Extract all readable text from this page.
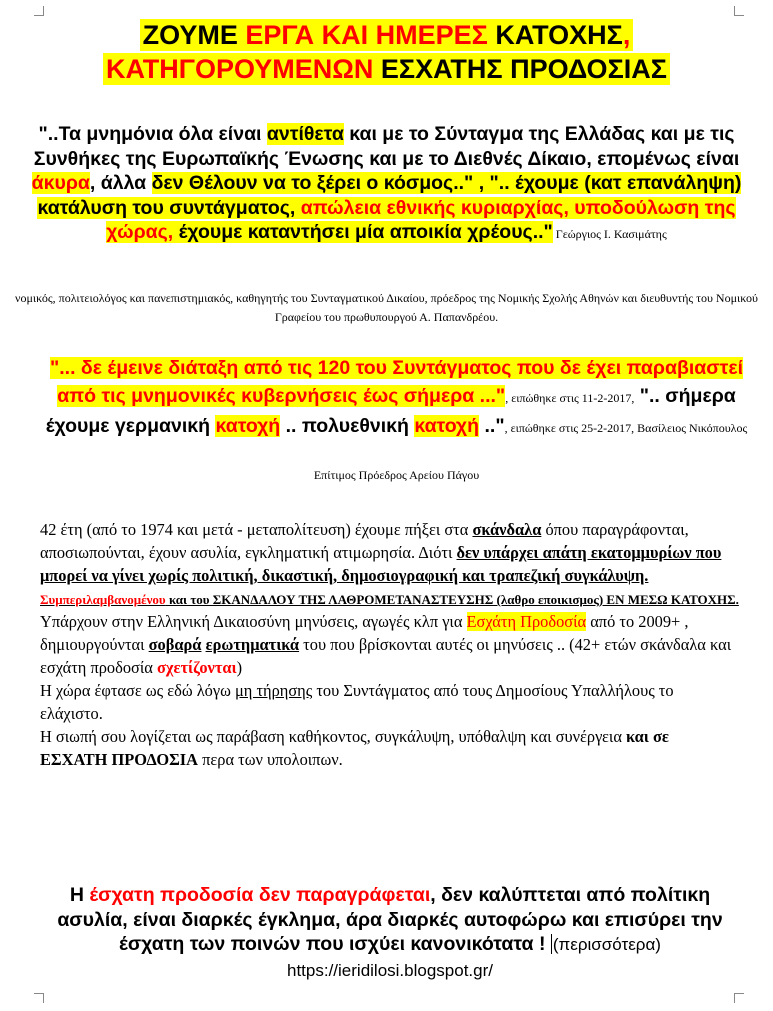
ΖΟΥΜΕ ΕΡΓΑ ΚΑΙ ΗΜΕΡΕΣ ΚΑΤΟΧΗΣ,
ΚΑΤΗΓΟΡΟΥΜΕΝΩΝ ΕΣΧΑΤΗΣ ΠΡΟΔΟΣΙΑΣ

"..Τα μνημόνια όλα είναι αντίθετα και με το Σύνταγμα της Ελλάδας και με τις Συνθήκες της Ευρωπαϊκής Ένωσης και με το Διεθνές Δίκαιο, επομένως είναι άκυρα, άλλα δεν Θέλουν να το ξέρει ο κόσμος.." , ".. έχουμε (κατ επανάληψη) κατάλυση του συντάγματος, απώλεια εθνικής κυριαρχίας, υποδούλωση της χώρας, έχουμε καταντήσει μία αποικία χρέους.." Γεώργιος Ι. Κασιμάτης

νομικός, πολιτειολόγος και πανεπιστημιακός, καθηγητής του Συνταγματικού Δικαίου, πρόεδρος της Νομικής Σχολής Αθηνών και διευθυντής του Νομικού Γραφείου του πρωθυπουργού Α. Παπανδρέου.

"... δε έμεινε διάταξη από τις 120 του Συντάγματος που δε έχει παραβιαστεί από τις μνημονικές κυβερνήσεις έως σήμερα ...", ειπώθηκε στις 11-2-2017, ".. σήμερα έχουμε γερμανική κατοχή .. πολυεθνική κατοχή ..", ειπώθηκε στις 25-2-2017, Βασίλειος Νικόπουλος

Επίτιμος Πρόεδρος Αρείου Πάγου

42 έτη (από το 1974 και μετά - μεταπολίτευση) έχουμε πήξει στα σκάνδαλα όπου παραγράφονται, αποσιωπούνται, έχουν ασυλία, εγκληματική ατιμωρησία. Διότι δεν υπάρχει απάτη εκατομμυρίων που μπορεί να γίνει χωρίς πολιτική, δικαστική, δημοσιογραφική και τραπεζική συγκάλυψη. Συμπεριλαμβανομένου και του ΣΚΑΝΔΑΛΟΥ ΤΗΣ ΛΑΘΡΟΜΕΤΑΝΑΣΤΕΥΣΗΣ (λαθρο εποικισμος) ΕΝ ΜΕΣΩ ΚΑΤΟΧΗΣ.

Υπάρχουν στην Ελληνική Δικαιοσύνη μηνύσεις, αγωγές κλπ για Εσχάτη Προδοσία από το 2009+ , δημιουργούνται σοβαρά ερωτηματικά του που βρίσκονται αυτές οι μηνύσεις .. (42+ ετών σκάνδαλα και εσχάτη προδοσία σχετίζονται)

Η χώρα έφτασε ως εδώ λόγω μη τήρησης του Συντάγματος από τους Δημοσίους Υπαλλήλους το ελάχιστο.

Η σιωπή σου λογίζεται ως παράβαση καθήκοντος, συγκάλυψη, υπόθαλψη και συνέργεια και σε ΕΣΧΑΤΗ ΠΡΟΔΟΣΙΑ περα των υπολοιπων.

Η έσχατη προδοσία δεν παραγράφεται, δεν καλύπτεται από πολίτικη ασυλία, είναι διαρκές έγκλημα, άρα διαρκές αυτοφώρω και επισύρει την έσχατη των ποινών που ισχύει κανονικότατα ! (περισσότερα) https://ieridilosi.blogspot.gr/
